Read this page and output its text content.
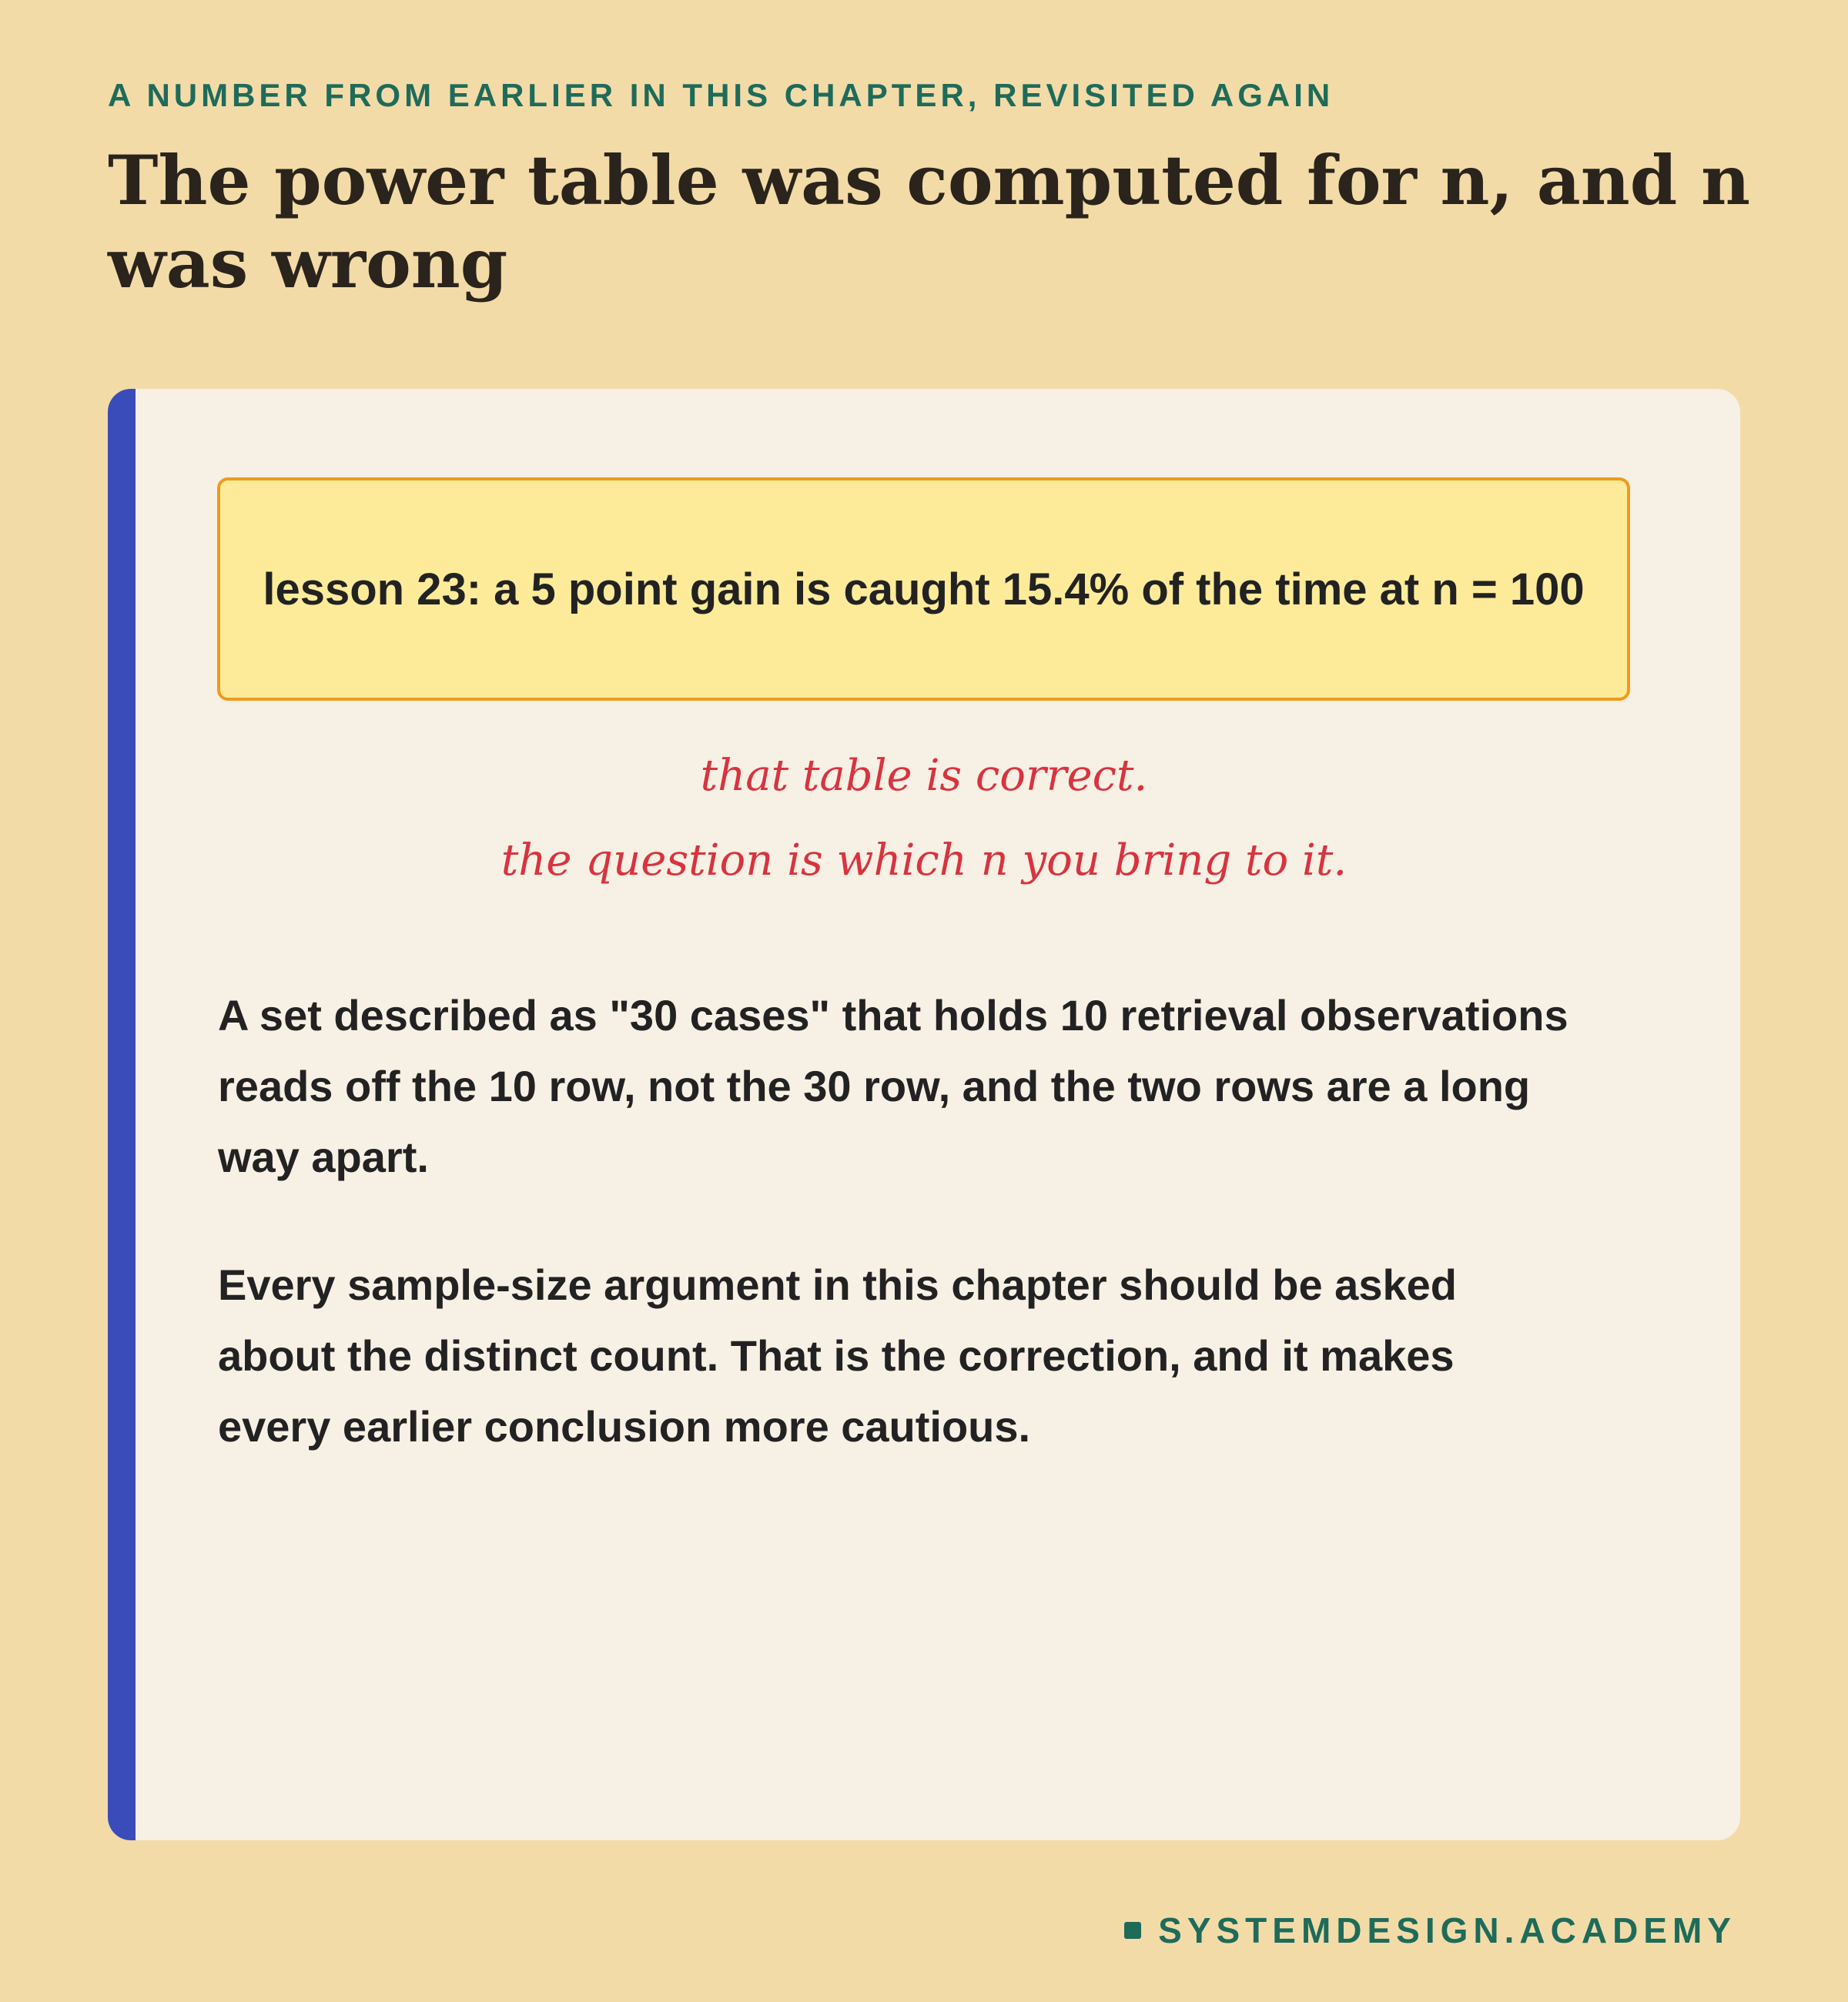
A NUMBER FROM EARLIER IN THIS CHAPTER, REVISITED AGAIN
The power table was computed for n, and n was wrong
lesson 23: a 5 point gain is caught 15.4% of the time at n = 100
that table is correct.
the question is which n you bring to it.

A set described as "30 cases" that holds 10 retrieval observations reads off the 10 row, not the 30 row, and the two rows are a long way apart.

Every sample-size argument in this chapter should be asked about the distinct count. That is the correction, and it makes every earlier conclusion more cautious.

SYSTEMDESIGN.ACADEMY
